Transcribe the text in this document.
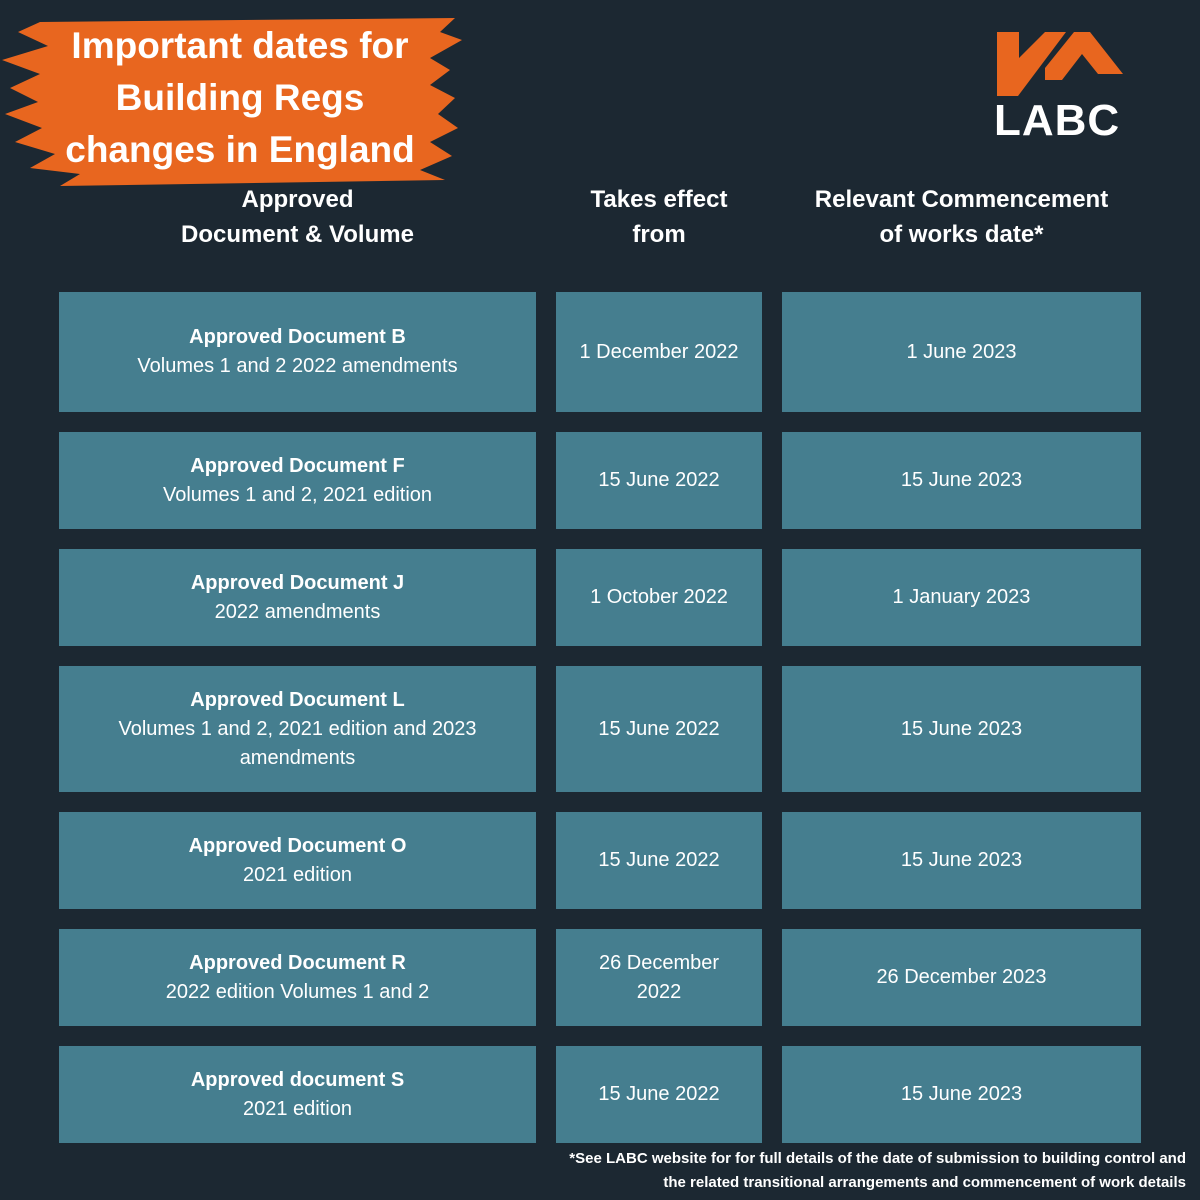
Important dates for
Building Regs
changes in England
LABC
Approved
Document & Volume
Takes effect
from
Relevant Commencement
of works date*
Approved Document B
Volumes 1 and 2 2022 amendments
1 December 2022	1 June 2023
Approved Document F
Volumes 1 and 2, 2021 edition
15 June 2022	15 June 2023
Approved Document J
2022 amendments
1 October 2022	1 January 2023
Approved Document L
Volumes 1 and 2, 2021 edition and 2023 amendments
15 June 2022	15 June 2023
Approved Document O
2021 edition
15 June 2022	15 June 2023
Approved Document R
2022 edition Volumes 1 and 2
26 December 2022
26 December 2023
Approved document S
2021 edition
15 June 2022	15 June 2023
*See LABC website for for full details of the date of submission to building control and
the related transitional arrangements and commencement of work details
